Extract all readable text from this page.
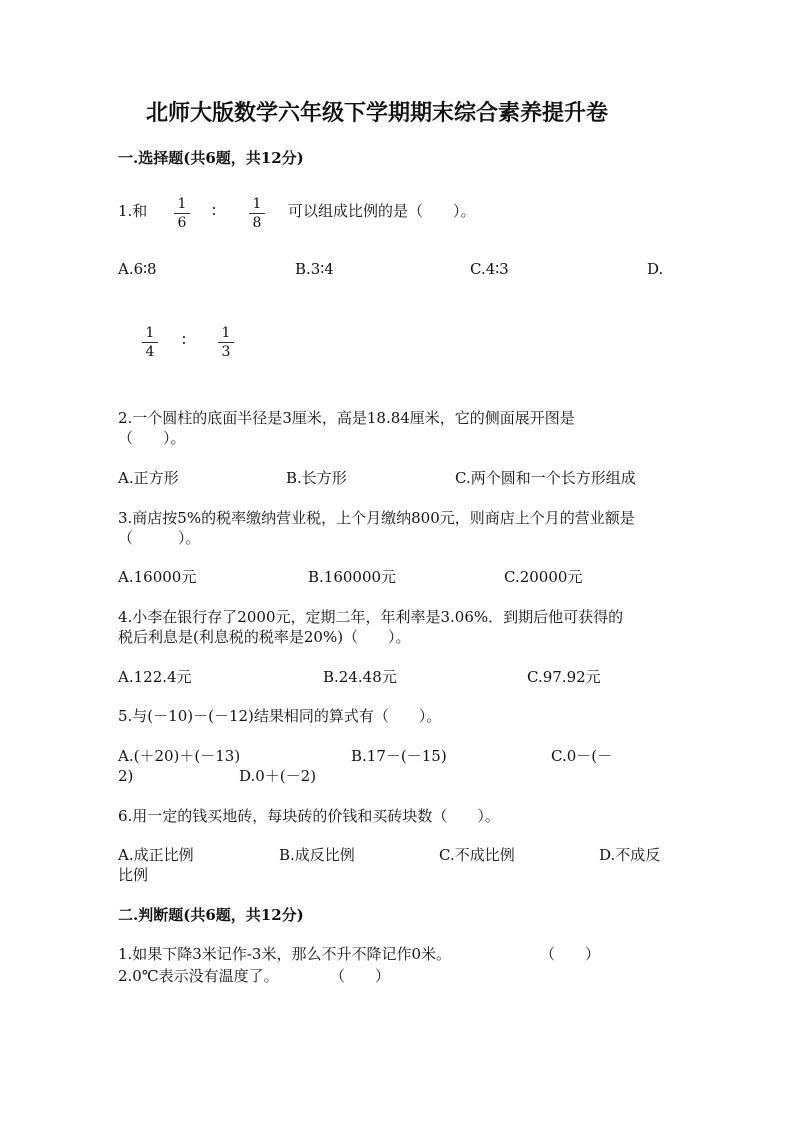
北师大版数学六年级下学期期末综合素养提升卷
一.选择题(共6题，共12分)
1.和	1
6
∶	1
8
可以组成比例的是（　　）。
A.6∶8	B.3∶4	C.4∶3	D.
1
4
∶	1
3
2.一个圆柱的底面半径是3厘米，高是18.84厘米，它的侧面展开图是
（　　）。
A.正方形	B.长方形	C.两个圆和一个长方形组成
3.商店按5%的税率缴纳营业税，上个月缴纳800元，则商店上个月的营业额是
（　　　）。
A.16000元	B.160000元	C.20000元
4.小李在银行存了2000元，定期二年，年利率是3.06%．到期后他可获得的
税后利息是(利息税的税率是20%)（　　）。
A.122.4元	B.24.48元	C.97.92元
5.与(－10)－(－12)结果相同的算式有（　　）。
A.(＋20)＋(－13)	B.17－(－15)	C.0－(－
2)	D.0＋(－2)
6.用一定的钱买地砖，每块砖的价钱和买砖块数（　　）。
A.成正比例	B.成反比例	C.不成比例	D.不成反
比例
二.判断题(共6题，共12分)
1.如果下降3米记作-3米，那么不升不降记作0米。	（　　）
2.0℃表示没有温度了。	（　　）
